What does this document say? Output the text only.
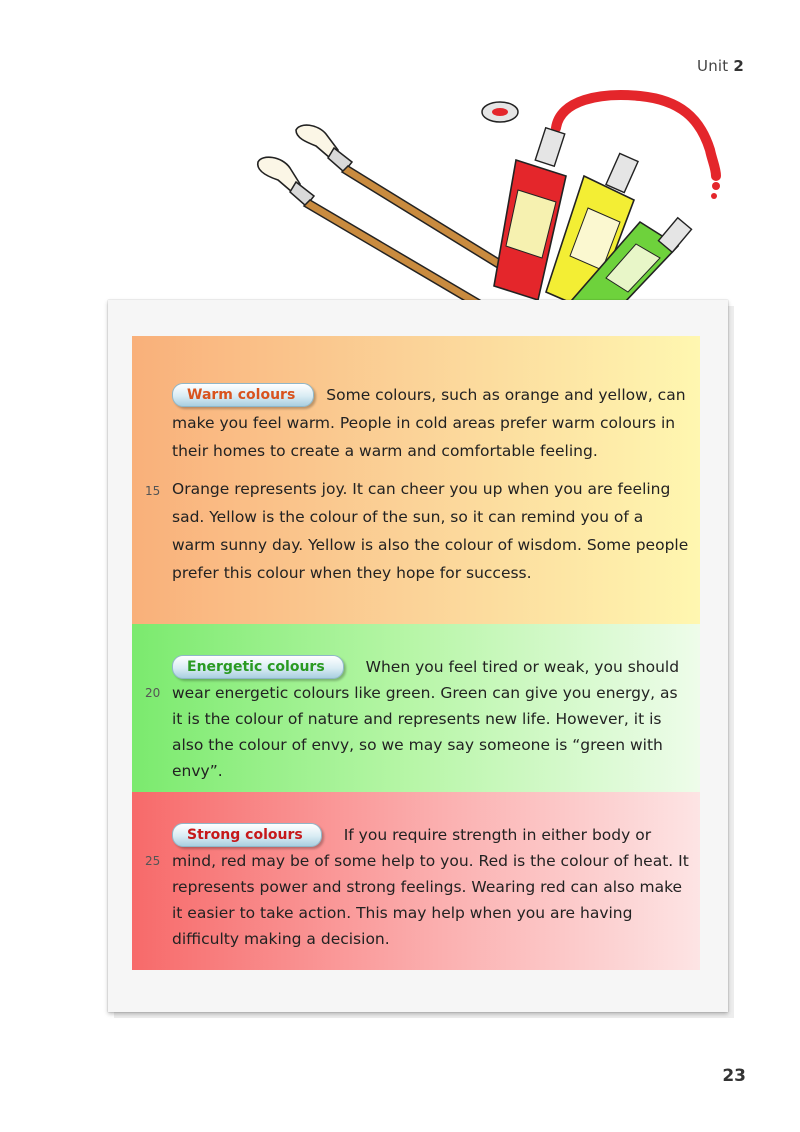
Unit 2
Warm colours Some colours, such as orange and yellow, can make you feel warm. People in cold areas prefer warm colours in their homes to create a warm and comfortable feeling.
15 Orange represents joy. It can cheer you up when you are feeling sad. Yellow is the colour of the sun, so it can remind you of a warm sunny day. Yellow is also the colour of wisdom. Some people prefer this colour when they hope for success.
20
Energetic colours	When you feel tired or weak, you should wear energetic colours like green. Green can give you energy, as it is the colour of nature and represents new life. However, it is also the colour of envy, so we may say someone is “green with envy”.
25
Strong colours	If you require strength in either body or mind, red may be of some help to you. Red is the colour of heat. It represents power and strong feelings. Wearing red can also make it easier to take action. This may help when you are having difficulty making a decision.
23
